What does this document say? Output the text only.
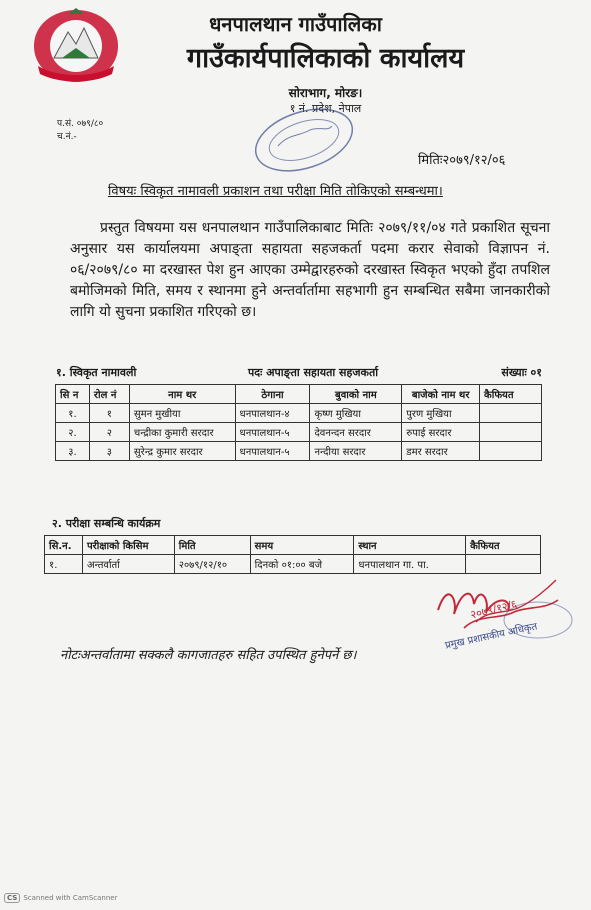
धनपालथान गाउँपालिका
गाउँकार्यपालिकाको कार्यालय
सोराभाग, मोरङ।
१ नं. प्रदेश, नेपाल
प.सं. ०७९/८०
च.नं.-
मितिः२०७९/१२/०६
विषयः स्विकृत नामावली प्रकाशन तथा परीक्षा मिति तोकिएको सम्बन्धमा।
प्रस्तुत विषयमा यस धनपालथान गाउँपालिकाबाट मितिः २०७९/११/०४ गते प्रकाशित सूचना अनुसार यस कार्यालयमा अपाङ्ता सहायता सहजकर्ता पदमा करार सेवाको विज्ञापन नं. ०६/२०७९/८० मा दरखास्त पेश हुन आएका उम्मेद्वारहरुको दरखास्त स्विकृत भएको हुँदा तपशिल बमोजिमको मिति, समय र स्थानमा हुने अन्तर्वार्तामा सहभागी हुन सम्बन्धित सबैमा जानकारीको लागि यो सुचना प्रकाशित गरिएको छ।
१. स्विकृत नामावली	पदः अपाङ्ता सहायता सहजकर्ता	संख्याः ०१
सि न	रोल नं	नाम थर	ठेगाना	बुवाको नाम	बाजेको नाम थर	कैफियत
१.	१	सुमन मुखीया	धनपालथान-४	कृष्ण मुखिया	पुरण मुखिया	
२.	२	चन्द्रीका कुमारी सरदार	धनपालथान-५	देवनन्दन सरदार	रुपाई सरदार	
३.	३	सुरेन्द्र कुमार सरदार	धनपालथान-५	नन्दीया सरदार	डमर सरदार	
२. परीक्षा सम्बन्धि कार्यक्रम
सि.न.	परीक्षाको किसिम	मिति	समय	स्थान	कैफियत
१.	अन्तर्वार्ता	२०७९/१२/१०	दिनको ०१:०० बजे	धनपालथान गा. पा.	
२०७९/१२/६
प्रमुख प्रशासकीय अधिकृत
नोटःअन्तर्वातामा सक्कलै कागजातहरु सहित उपस्थित हुनेपर्ने छ।
CS Scanned with CamScanner
